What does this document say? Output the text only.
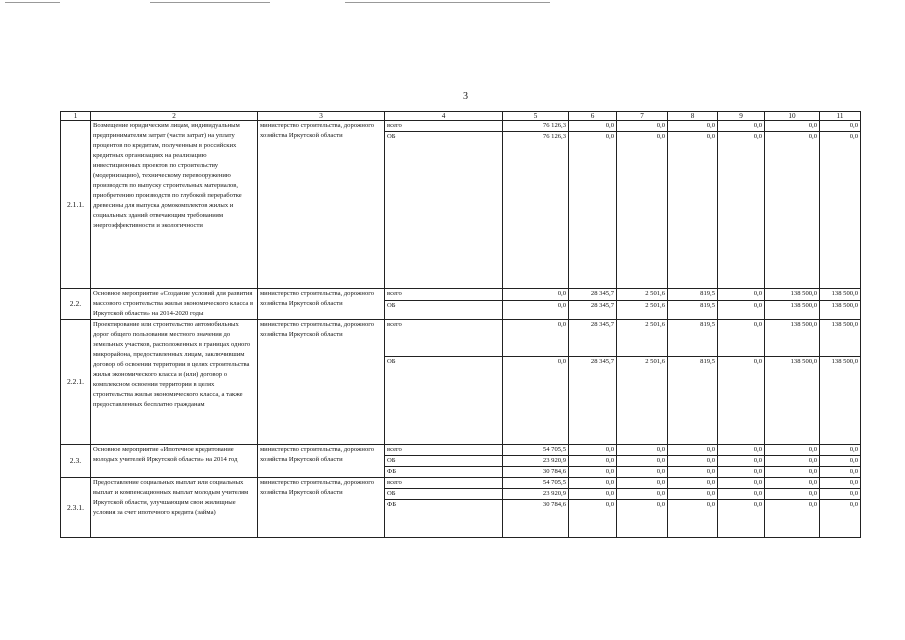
3
1	2	3	4	5	6	7	8	9	10	11
2.1.1.	Возмещение юридическим лицам, индивидуальным предпринимателям затрат (части затрат) на уплату процентов по кредитам, полученным в российских кредитных организациях на реализацию инвестиционных проектов по строительству (модернизацию), техническому перевооружению производств по выпуску строительных материалов, приобретению производств по глубокой переработке древесины для выпуска домокомплектов жилых и социальных зданий отвечающим требованиям энергоэффективности и экологичности	министерство строительства, дорожного хозяйства Иркутской области	всего	76 126,3	0,0	0,0	0,0	0,0	0,0	0,0
			ОБ	76 126,3	0,0	0,0	0,0	0,0	0,0	0,0
2.2.	Основное мероприятие «Создание условий для развития массового строительства жилья экономического класса в Иркутской области» на 2014-2020 годы	министерство строительства, дорожного хозяйства Иркутской области	всего	0,0	28 345,7	2 501,6	819,5	0,0	138 500,0	138 500,0
			ОБ	0,0	28 345,7	2 501,6	819,5	0,0	138 500,0	138 500,0
2.2.1.	Проектирование или строительство автомобильных дорог общего пользования местного значения до земельных участков, расположенных в границах одного микрорайона, предоставленных лицам, заключившим договор об освоении территории в целях строительства жилья экономического класса и (или) договор о комплексном освоении территории в целях строительства жилья экономического класса, а также предоставленных бесплатно гражданам	министерство строительства, дорожного хозяйства Иркутской области	всего	0,0	28 345,7	2 501,6	819,5	0,0	138 500,0	138 500,0
			ОБ	0,0	28 345,7	2 501,6	819,5	0,0	138 500,0	138 500,0
2.3.	Основное мероприятие «Ипотечное кредитование молодых учителей Иркутской области» на 2014 год	министерство строительства, дорожного хозяйства Иркутской области	всего	54 705,5	0,0	0,0	0,0	0,0	0,0	0,0
			ОБ	23 920,9	0,0	0,0	0,0	0,0	0,0	0,0
			ФБ	30 784,6	0,0	0,0	0,0	0,0	0,0	0,0
2.3.1.	Предоставление социальных выплат или социальных выплат и компенсационных выплат молодым учителям Иркутской области, улучшающим свои жилищные условия за счет ипотечного кредита (займа)	министерство строительства, дорожного хозяйства Иркутской области	всего	54 705,5	0,0	0,0	0,0	0,0	0,0	0,0
			ОБ	23 920,9	0,0	0,0	0,0	0,0	0,0	0,0
			ФБ	30 784,6	0,0	0,0	0,0	0,0	0,0	0,0
